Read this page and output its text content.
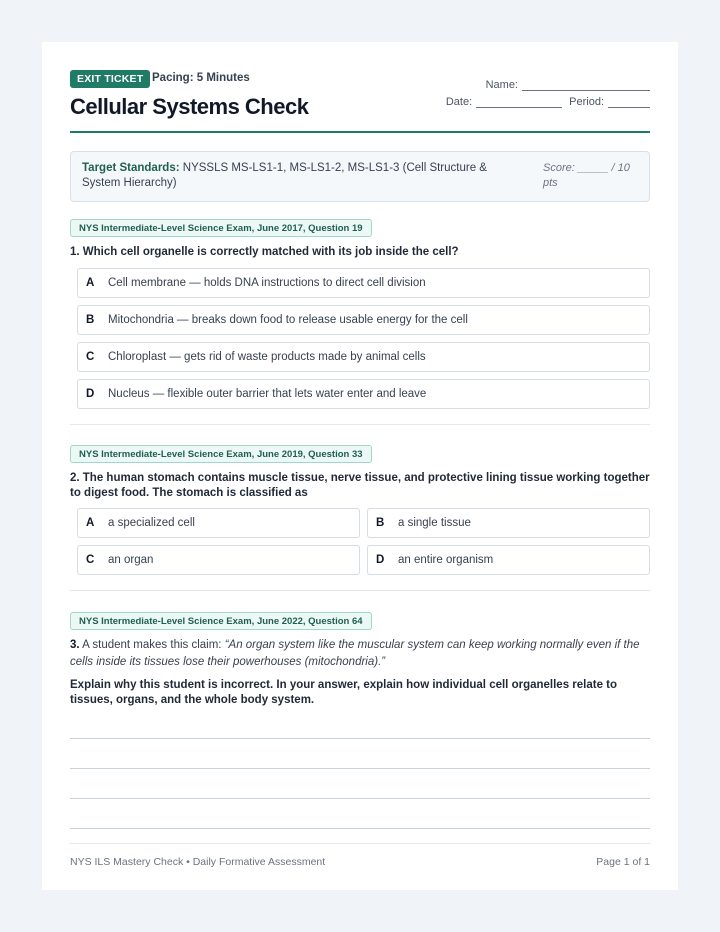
EXIT TICKET Pacing: 5 Minutes
Cellular Systems Check
Name:
Date:	Period:
Target Standards: NYSSLS MS-LS1-1, MS-LS1-2, MS-LS1-3 (Cell Structure & System Hierarchy)
Score: _____ / 10 pts
NYS Intermediate-Level Science Exam, June 2017, Question 19
1. Which cell organelle is correctly matched with its job inside the cell?
A	Cell membrane — holds DNA instructions to direct cell division
B	Mitochondria — breaks down food to release usable energy for the cell
C	Chloroplast — gets rid of waste products made by animal cells
D	Nucleus — flexible outer barrier that lets water enter and leave
NYS Intermediate-Level Science Exam, June 2019, Question 33
2. The human stomach contains muscle tissue, nerve tissue, and protective lining tissue working together to digest food. The stomach is classified as
A	a specialized cell	B	a single tissue
C	an organ	D	an entire organism
NYS Intermediate-Level Science Exam, June 2022, Question 64
3. A student makes this claim: “An organ system like the muscular system can keep working normally even if the cells inside its tissues lose their powerhouses (mitochondria).”
Explain why this student is incorrect. In your answer, explain how individual cell organelles relate to tissues, organs, and the whole body system.
NYS ILS Mastery Check • Daily Formative Assessment	Page 1 of 1
